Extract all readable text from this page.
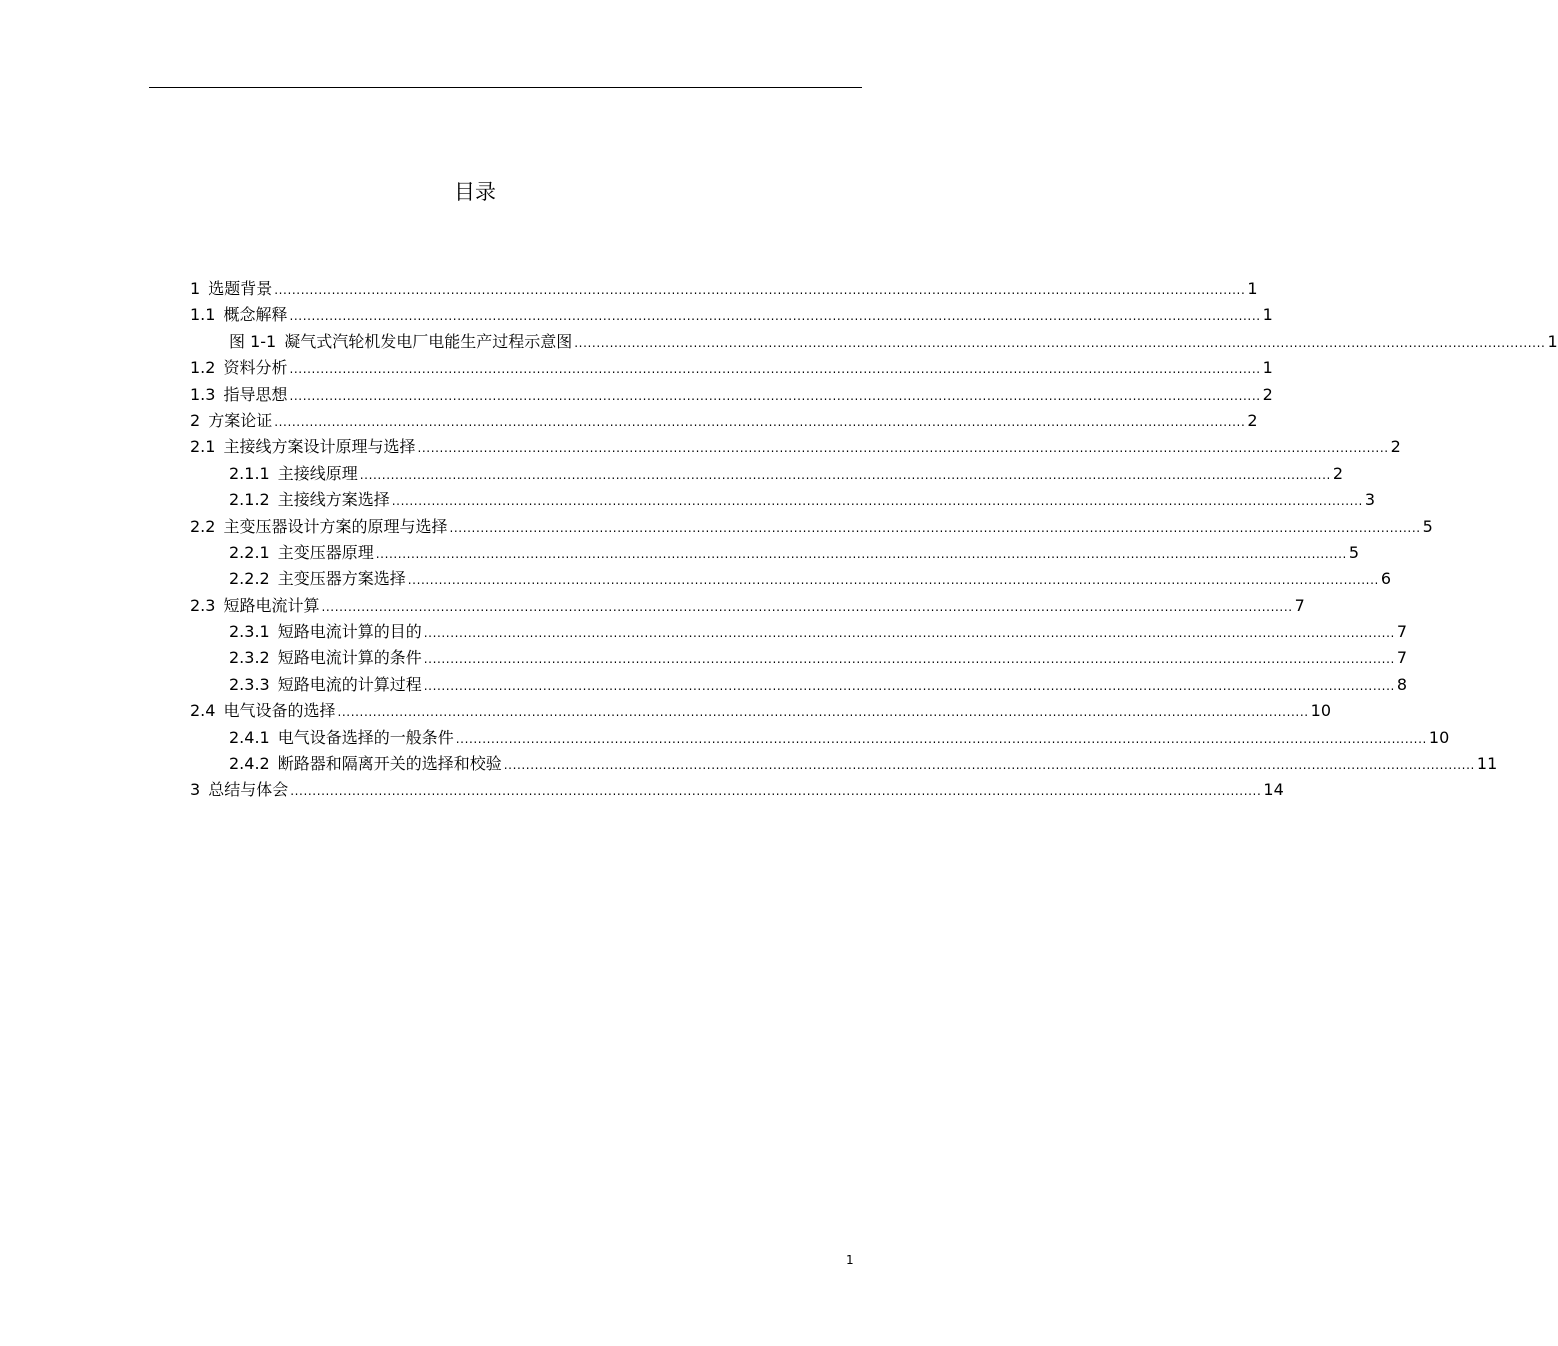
目录
1 选题背景 ............................................................................................................................................................................................................................ 1
1.1 概念解释 ............................................................................................................................................................................................................................ 1
图 1-1 凝气式汽轮机发电厂电能生产过程示意图 ............................................................................................................................................................................................................................ 1
1.2 资料分析 ............................................................................................................................................................................................................................ 1
1.3 指导思想 ............................................................................................................................................................................................................................ 2
2 方案论证 ............................................................................................................................................................................................................................ 2
2.1 主接线方案设计原理与选择 ............................................................................................................................................................................................................................ 2
2.1.1 主接线原理 ............................................................................................................................................................................................................................ 2
2.1.2 主接线方案选择 ............................................................................................................................................................................................................................ 3
2.2 主变压器设计方案的原理与选择 ............................................................................................................................................................................................................................ 5
2.2.1 主变压器原理 ............................................................................................................................................................................................................................ 5
2.2.2 主变压器方案选择 ............................................................................................................................................................................................................................ 6
2.3 短路电流计算 ............................................................................................................................................................................................................................ 7
2.3.1 短路电流计算的目的 ............................................................................................................................................................................................................................ 7
2.3.2 短路电流计算的条件 ............................................................................................................................................................................................................................ 7
2.3.3 短路电流的计算过程 ............................................................................................................................................................................................................................ 8
2.4 电气设备的选择 ............................................................................................................................................................................................................................ 10
2.4.1 电气设备选择的一般条件 ............................................................................................................................................................................................................................ 10
2.4.2 断路器和隔离开关的选择和校验 ............................................................................................................................................................................................................................ 11
3 总结与体会 ............................................................................................................................................................................................................................ 14
1
